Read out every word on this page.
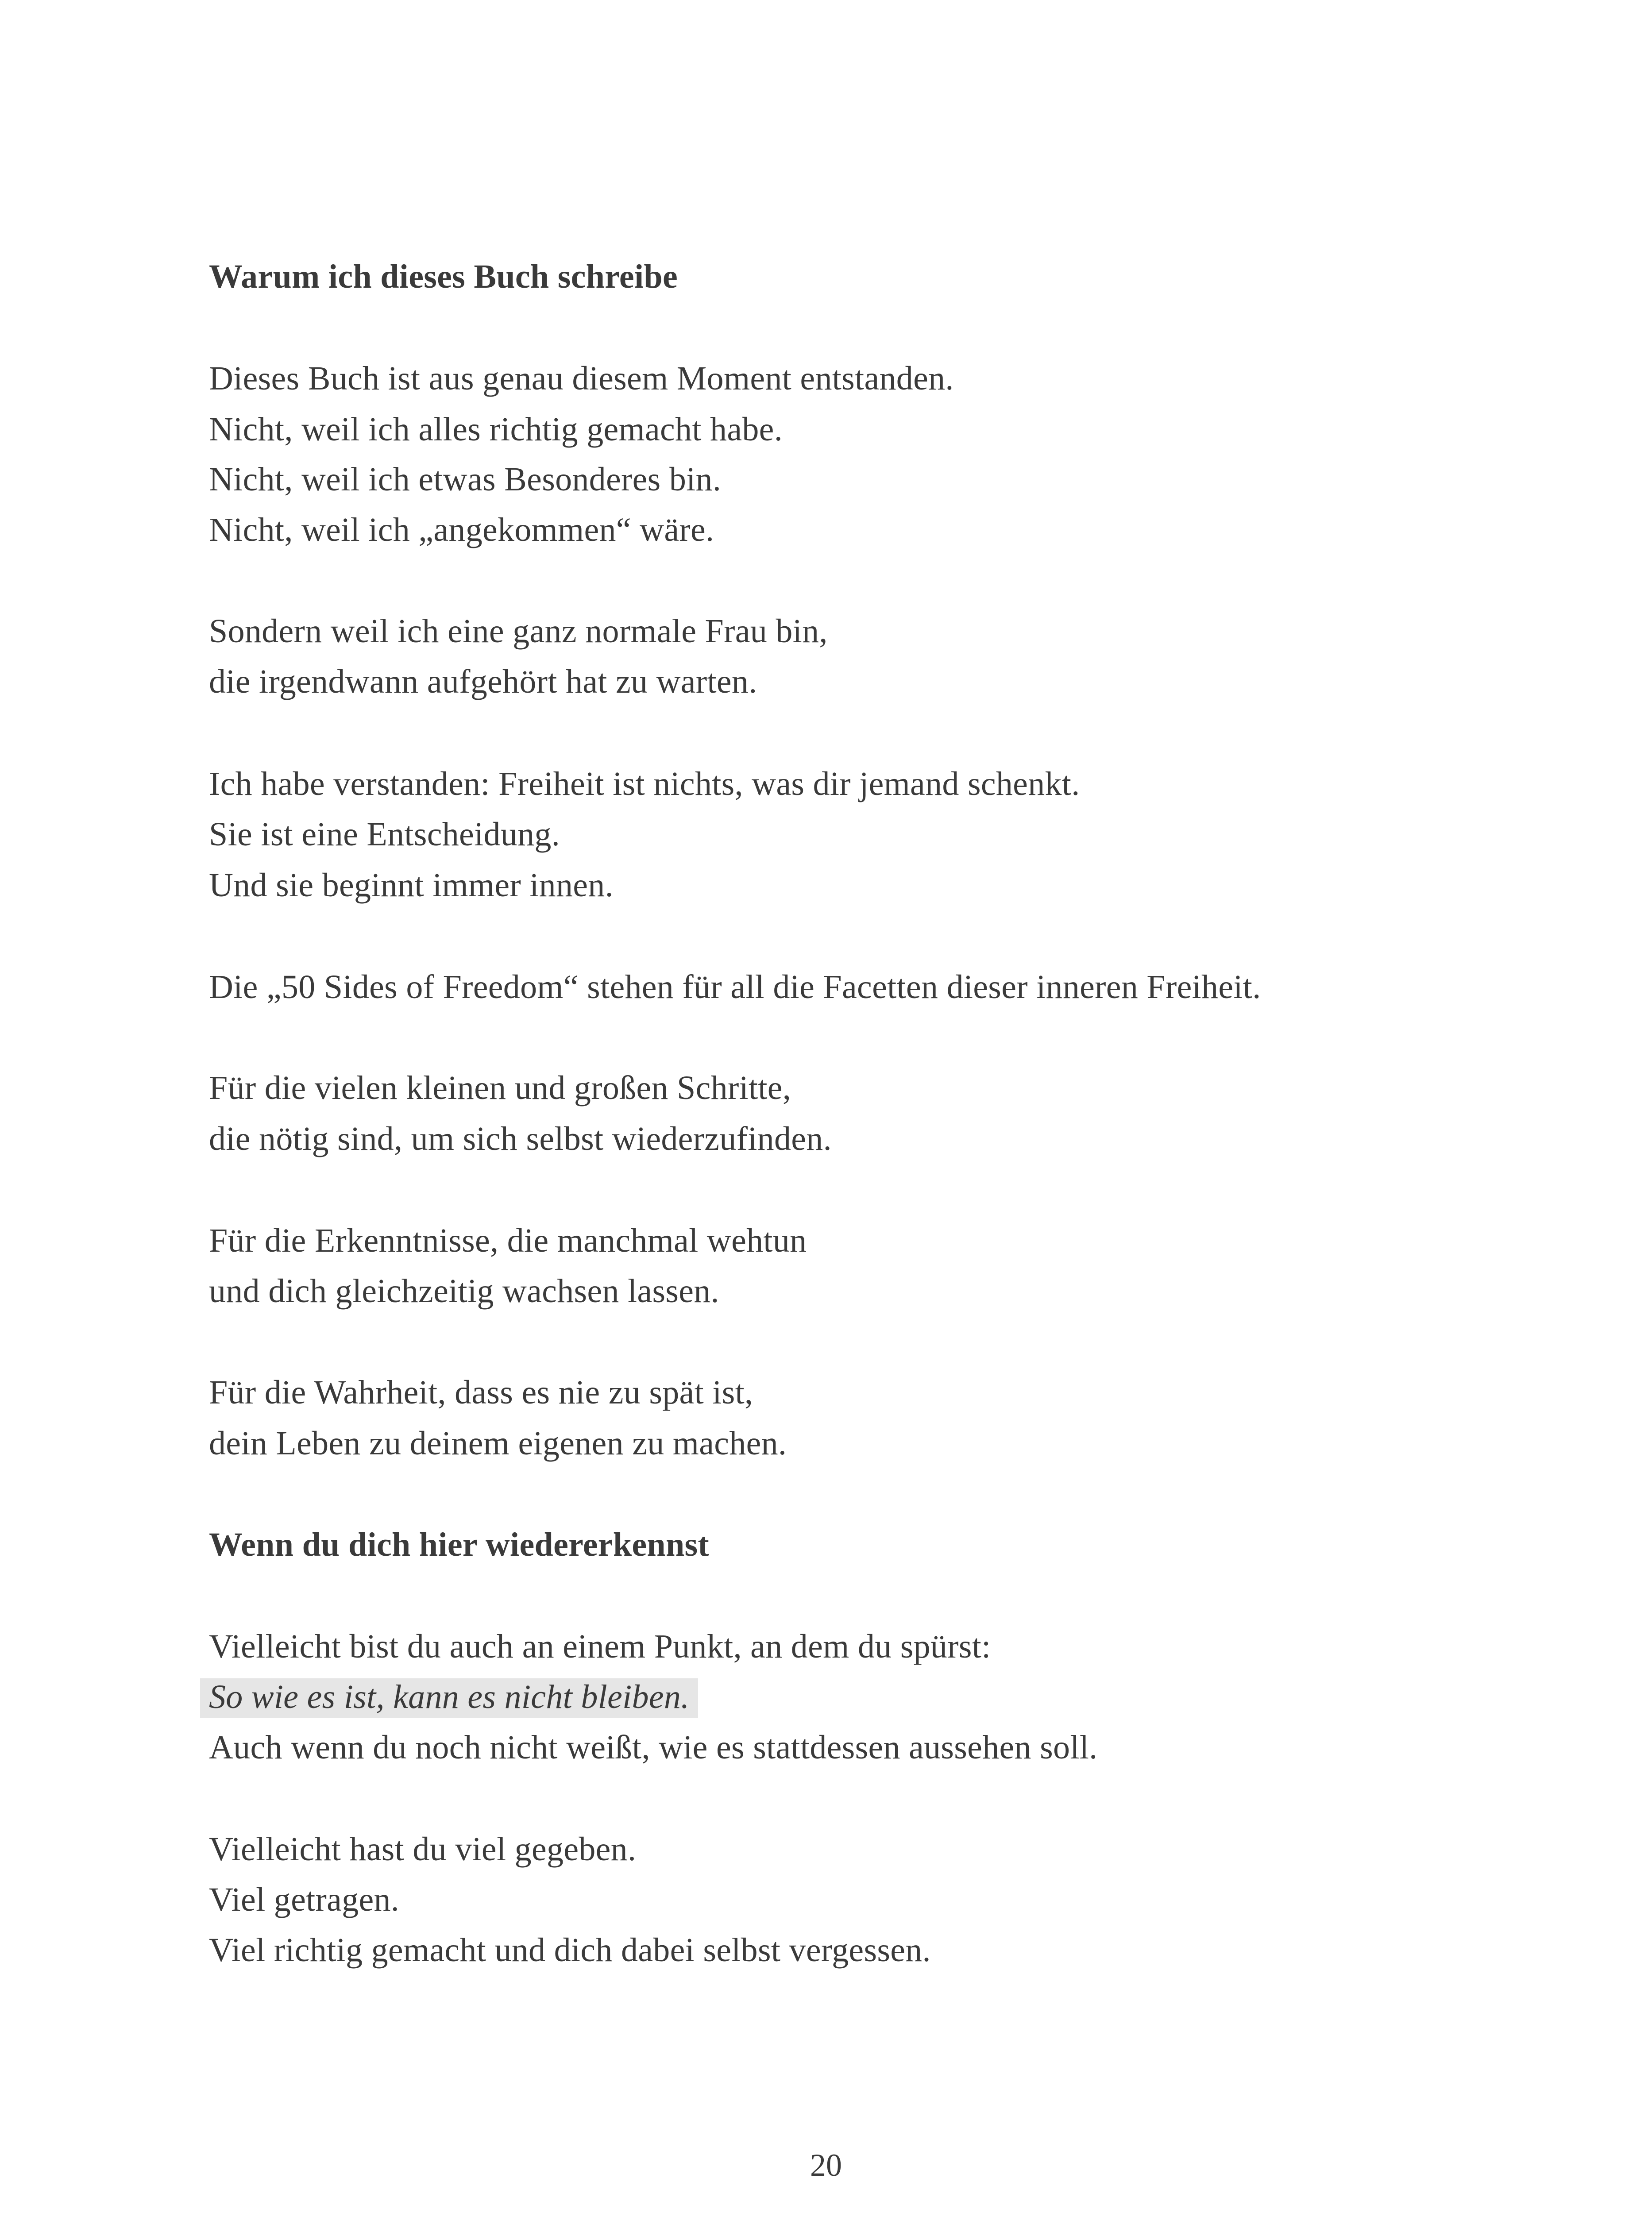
Warum ich dieses Buch schreibe
Dieses Buch ist aus genau diesem Moment entstanden.
Nicht, weil ich alles richtig gemacht habe.
Nicht, weil ich etwas Besonderes bin.
Nicht, weil ich „angekommen“ wäre.
Sondern weil ich eine ganz normale Frau bin,
die irgendwann aufgehört hat zu warten.
Ich habe verstanden: Freiheit ist nichts, was dir jemand schenkt.
Sie ist eine Entscheidung.
Und sie beginnt immer innen.
Die „50 Sides of Freedom“ stehen für all die Facetten dieser inneren Freiheit.
Für die vielen kleinen und großen Schritte,
die nötig sind, um sich selbst wiederzufinden.
Für die Erkenntnisse, die manchmal wehtun
und dich gleichzeitig wachsen lassen.
Für die Wahrheit, dass es nie zu spät ist,
dein Leben zu deinem eigenen zu machen.
Wenn du dich hier wiedererkennst
Vielleicht bist du auch an einem Punkt, an dem du spürst:
So wie es ist, kann es nicht bleiben.
Auch wenn du noch nicht weißt, wie es stattdessen aussehen soll.
Vielleicht hast du viel gegeben.
Viel getragen.
Viel richtig gemacht und dich dabei selbst vergessen.
20
